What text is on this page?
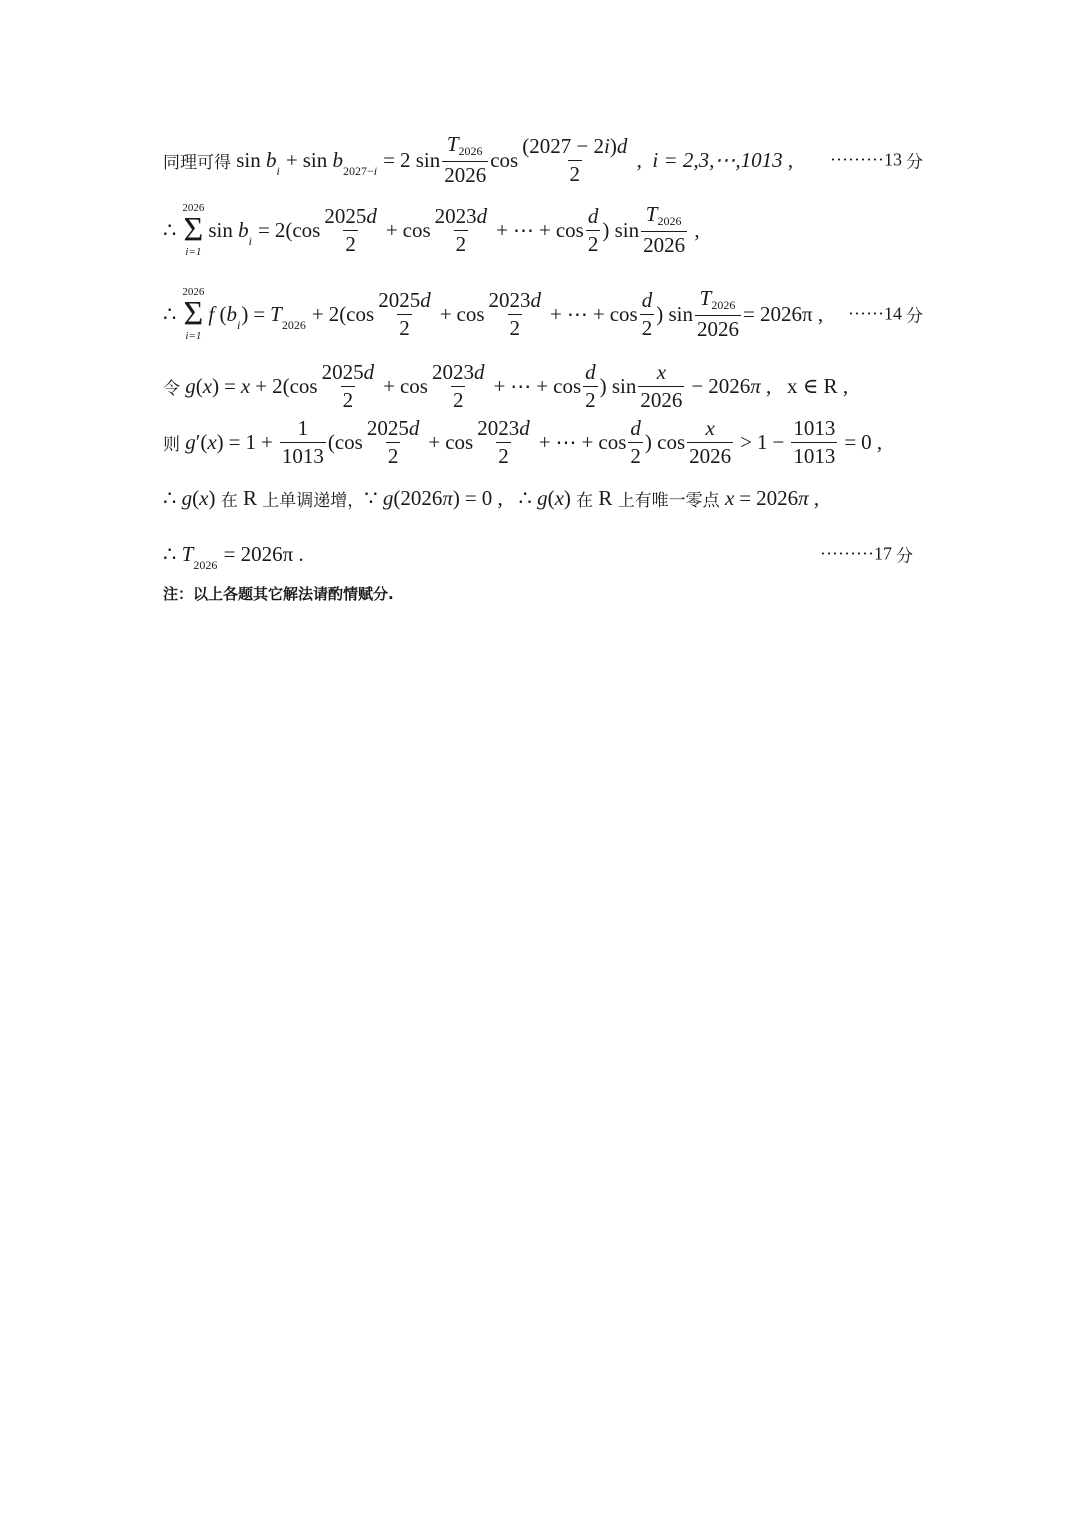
同理可得 $\sin b_i + \sin b_{2027-i} = 2$ $\sin \frac{T2026}{2026}$ $\cos \frac{(2027 - 2i)d}{2}$ , i = 2,3,⋯,1013 , ·········13 分
∴
2026
Σ
i=1
$\sin b_i = 2(\cos \frac{2025d}{2} + \cos \frac{2023d}{2}$ + ⋯ + $\cos \frac{d}{2}$ ) $\sin \frac{T2026}{2026}$ ,
∴
2026
Σ
i=1
f $(b_i) = T_{2026} + 2(\cos \frac{2025d}{2} + \cos \frac{2023d}{2}$ + ⋯ + $\cos \frac{d}{2}$ ) $\sin \frac{T2026}{2026} = 2026\pi$ , ······14 分
令 $g(x) = x + 2(\cos \frac{2025d}{2} + \cos \frac{2023d}{2}$ + ⋯ + $\cos \frac{d}{2}$ ) $\sin \frac{x}{2026} - 2026\pi$ , x ∈ R ,
则 $g'(x) = 1 + \frac{1}{1013} (\cos \frac{2025d}{2} + \cos \frac{2023d}{2}$ + ⋯ + $\cos \frac{d}{2}$ ) $\cos \frac{x}{2026} > 1 - \frac{1013}{1013} = 0$ ,
∴ g(x) 在 R 上单调递增 ， ∵ g(2026π) = 0 ,   ∴ g(x) 在 R 上有唯一零点 x = 2026π ,
∴ $T_{2026} = 2026\pi$ .	·········17 分
注：以上各题其它解法请酌情赋分.
